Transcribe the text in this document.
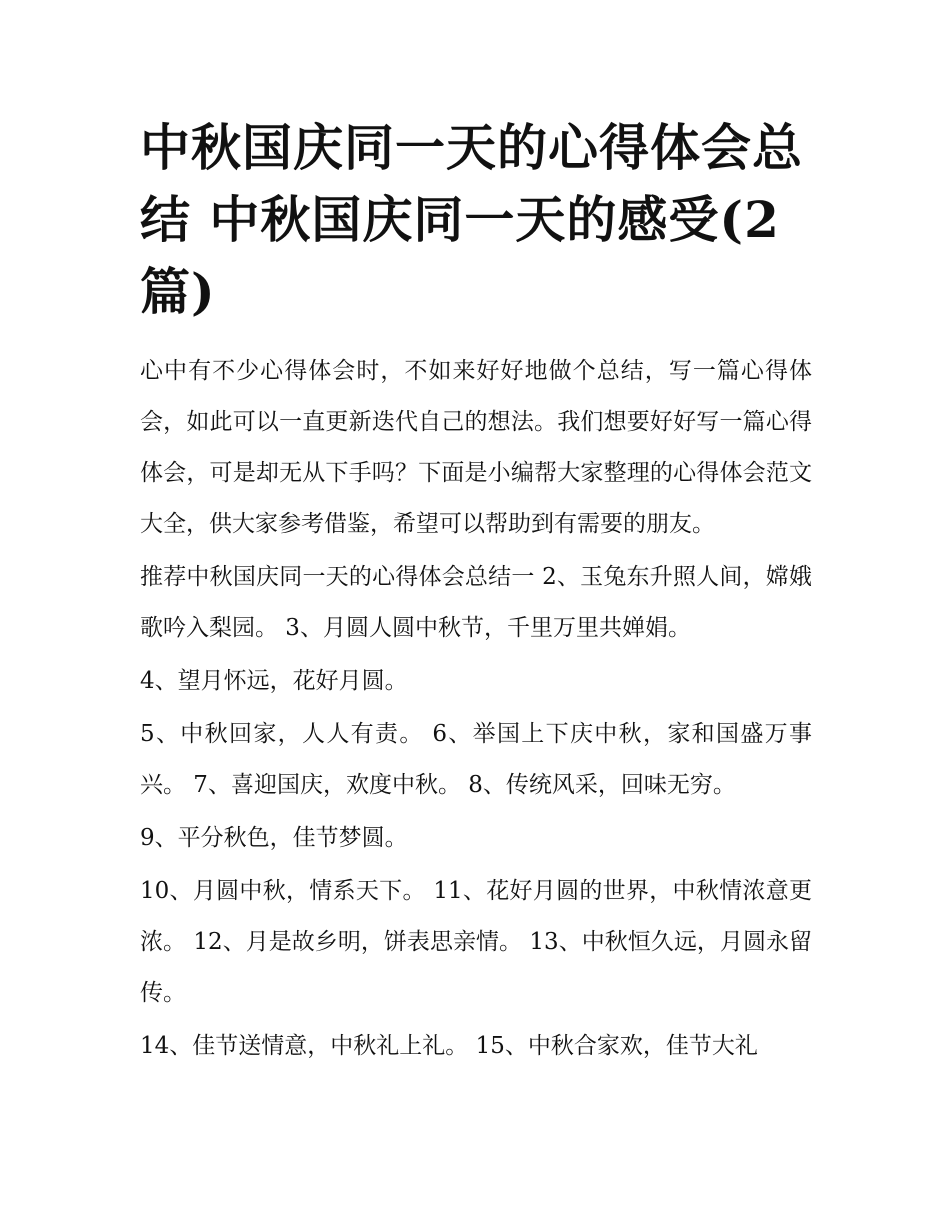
中秋国庆同一天的心得体会总结 中秋国庆同一天的感受(2篇)

心中有不少心得体会时，不如来好好地做个总结，写一篇心得体会，如此可以一直更新迭代自己的想法。我们想要好好写一篇心得体会，可是却无从下手吗？下面是小编帮大家整理的心得体会范文大全，供大家参考借鉴，希望可以帮助到有需要的朋友。

推荐中秋国庆同一天的心得体会总结一 2、玉兔东升照人间，嫦娥歌吟入梨园。 3、月圆人圆中秋节，千里万里共婵娟。

4、望月怀远，花好月圆。

5、中秋回家，人人有责。 6、举国上下庆中秋，家和国盛万事兴。 7、喜迎国庆，欢度中秋。 8、传统风采，回味无穷。

9、平分秋色，佳节梦圆。

10、月圆中秋，情系天下。 11、花好月圆的世界，中秋情浓意更浓。 12、月是故乡明，饼表思亲情。 13、中秋恒久远，月圆永留传。

14、佳节送情意，中秋礼上礼。 15、中秋合家欢，佳节大礼
